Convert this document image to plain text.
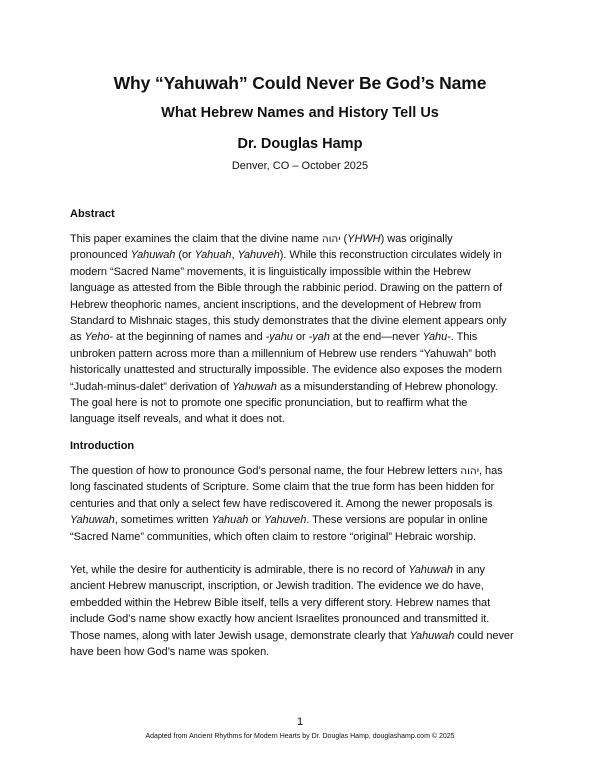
Why “Yahuwah” Could Never Be God’s Name
What Hebrew Names and History Tell Us
Dr. Douglas Hamp
Denver, CO – October 2025
Abstract
This paper examines the claim that the divine name יהוה (YHWH) was originally
pronounced Yahuwah (or Yahuah, Yahuveh). While this reconstruction circulates widely in
modern “Sacred Name” movements, it is linguistically impossible within the Hebrew
language as attested from the Bible through the rabbinic period. Drawing on the pattern of
Hebrew theophoric names, ancient inscriptions, and the development of Hebrew from
Standard to Mishnaic stages, this study demonstrates that the divine element appears only
as Yeho- at the beginning of names and -yahu or -yah at the end—never Yahu-. This
unbroken pattern across more than a millennium of Hebrew use renders “Yahuwah” both
historically unattested and structurally impossible. The evidence also exposes the modern
“Judah-minus-dalet” derivation of Yahuwah as a misunderstanding of Hebrew phonology.
The goal here is not to promote one specific pronunciation, but to reaffirm what the
language itself reveals, and what it does not.
Introduction
The question of how to pronounce God’s personal name, the four Hebrew letters יהוה, has
long fascinated students of Scripture. Some claim that the true form has been hidden for
centuries and that only a select few have rediscovered it. Among the newer proposals is
Yahuwah, sometimes written Yahuah or Yahuveh. These versions are popular in online
“Sacred Name” communities, which often claim to restore “original” Hebraic worship.
Yet, while the desire for authenticity is admirable, there is no record of Yahuwah in any
ancient Hebrew manuscript, inscription, or Jewish tradition. The evidence we do have,
embedded within the Hebrew Bible itself, tells a very different story. Hebrew names that
include God’s name show exactly how ancient Israelites pronounced and transmitted it.
Those names, along with later Jewish usage, demonstrate clearly that Yahuwah could never
have been how God’s name was spoken.
1
Adapted from Ancient Rhythms for Modern Hearts by Dr. Douglas Hamp, douglashamp.com © 2025
